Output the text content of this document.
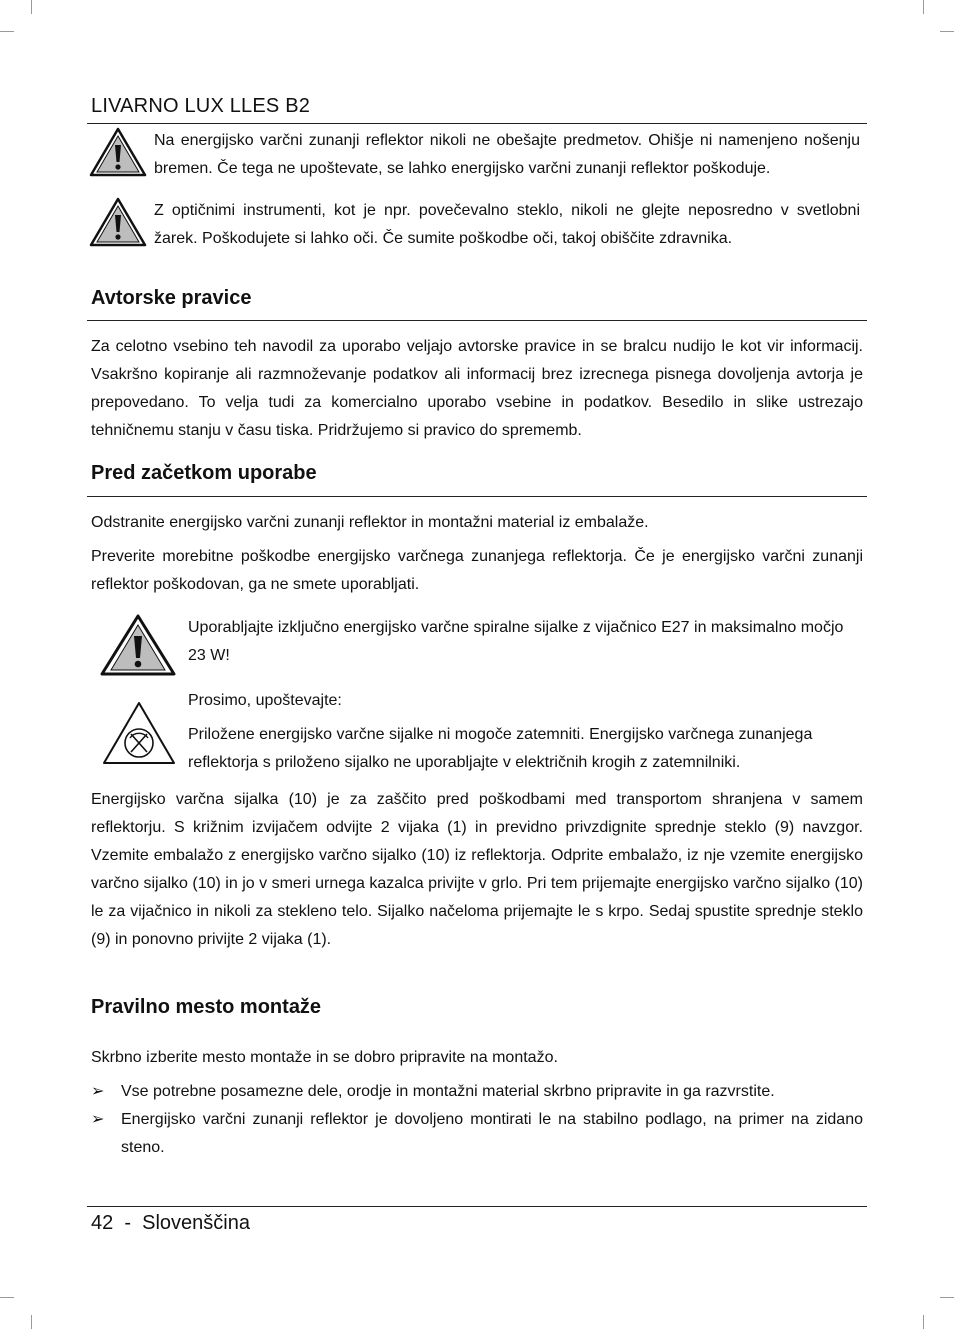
LIVARNO LUX LLES B2

Na energijsko varčni zunanji reflektor nikoli ne obešajte predmetov. Ohišje ni namenjeno nošenju bremen. Če tega ne upoštevate, se lahko energijsko varčni zunanji reflektor poškoduje.

Z optičnimi instrumenti, kot je npr. povečevalno steklo, nikoli ne glejte neposredno v svetlobni žarek. Poškodujete si lahko oči. Če sumite poškodbe oči, takoj obiščite zdravnika.

Avtorske pravice

Za celotno vsebino teh navodil za uporabo veljajo avtorske pravice in se bralcu nudijo le kot vir informacij. Vsakršno kopiranje ali razmnoževanje podatkov ali informacij brez izrecnega pisnega dovoljenja avtorja je prepovedano. To velja tudi za komercialno uporabo vsebine in podatkov. Besedilo in slike ustrezajo tehničnemu stanju v času tiska. Pridržujemo si pravico do sprememb.

Pred začetkom uporabe

Odstranite energijsko varčni zunanji reflektor in montažni material iz embalaže.

Preverite morebitne poškodbe energijsko varčnega zunanjega reflektorja. Če je energijsko varčni zunanji reflektor poškodovan, ga ne smete uporabljati.

Uporabljajte izključno energijsko varčne spiralne sijalke z vijačnico E27 in maksimalno močjo 23 W!

Prosimo, upoštevajte:

Priložene energijsko varčne sijalke ni mogoče zatemniti. Energijsko varčnega zunanjega reflektorja s priloženo sijalko ne uporabljajte v električnih krogih z zatemnilniki.

Energijsko varčna sijalka (10) je za zaščito pred poškodbami med transportom shranjena v samem reflektorju. S križnim izvijačem odvijte 2 vijaka (1) in previdno privzdignite sprednje steklo (9) navzgor. Vzemite embalažo z energijsko varčno sijalko (10) iz reflektorja. Odprite embalažo, iz nje vzemite energijsko varčno sijalko (10) in jo v smeri urnega kazalca privijte v grlo. Pri tem prijemajte energijsko varčno sijalko (10) le za vijačnico in nikoli za stekleno telo. Sijalko načeloma prijemajte le s krpo. Sedaj spustite sprednje steklo (9) in ponovno privijte 2 vijaka (1).

Pravilno mesto montaže

Skrbno izberite mesto montaže in se dobro pripravite na montažo.

➢	Vse potrebne posamezne dele, orodje in montažni material skrbno pripravite in ga razvrstite.
➢	Energijsko varčni zunanji reflektor je dovoljeno montirati le na stabilno podlago, na primer na zidano steno.
42  -  Slovenščina
